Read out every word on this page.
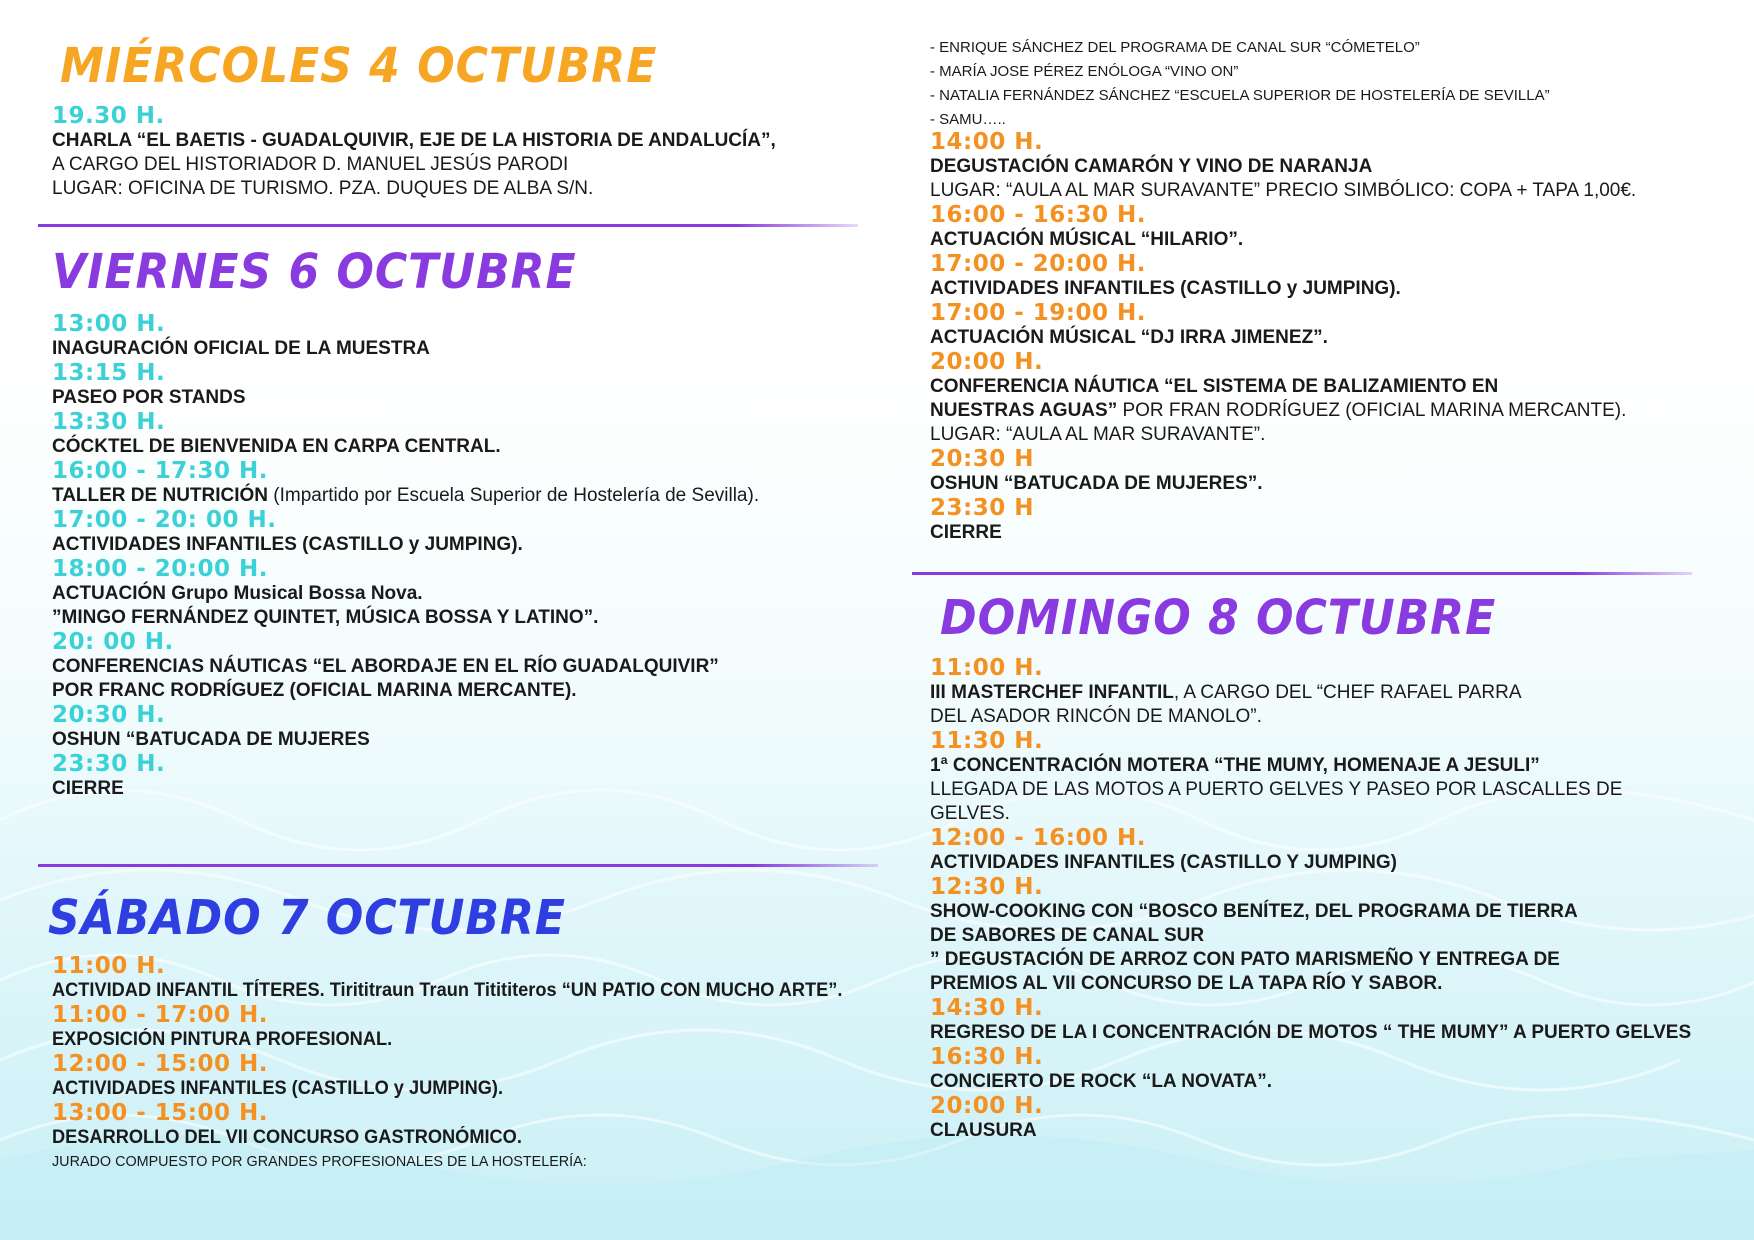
MIÉRCOLES 4 OCTUBRE
19.30 H.
CHARLA “EL BAETIS - GUADALQUIVIR, EJE DE LA HISTORIA DE ANDALUCÍA”,
A CARGO DEL HISTORIADOR D. MANUEL JESÚS PARODI
LUGAR: OFICINA DE TURISMO. PZA. DUQUES DE ALBA S/N.
VIERNES 6 OCTUBRE
13:00 H.
INAGURACIÓN OFICIAL DE LA MUESTRA
13:15 H.
PASEO POR STANDS
13:30 H.
CÓCKTEL DE BIENVENIDA EN CARPA CENTRAL.
16:00 - 17:30 H.
TALLER DE NUTRICIÓN (Impartido por Escuela Superior de Hostelería de Sevilla).
17:00 - 20: 00 H.
ACTIVIDADES INFANTILES (CASTILLO y JUMPING).
18:00 - 20:00 H.
ACTUACIÓN Grupo Musical Bossa Nova.
”MINGO FERNÁNDEZ QUINTET, MÚSICA BOSSA Y LATINO”.
20: 00 H.
CONFERENCIAS NÁUTICAS “EL ABORDAJE EN EL RÍO GUADALQUIVIR”
POR FRANC RODRÍGUEZ (OFICIAL MARINA MERCANTE).
20:30 H.
OSHUN “BATUCADA DE MUJERES
23:30 H.
CIERRE
SÁBADO 7 OCTUBRE
11:00 H.
ACTIVIDAD INFANTIL TÍTERES. Tirititraun Traun Titititeros “UN PATIO CON MUCHO ARTE”.
11:00 - 17:00 H.
EXPOSICIÓN PINTURA PROFESIONAL.
12:00 - 15:00 H.
ACTIVIDADES INFANTILES (CASTILLO y JUMPING).
13:00 - 15:00 H.
DESARROLLO DEL VII CONCURSO GASTRONÓMICO.
JURADO COMPUESTO POR GRANDES PROFESIONALES DE LA HOSTELERÍA:
- ENRIQUE SÁNCHEZ DEL PROGRAMA DE CANAL SUR “CÓMETELO”
- MARÍA JOSE PÉREZ ENÓLOGA “VINO ON”
- NATALIA FERNÁNDEZ SÁNCHEZ “ESCUELA SUPERIOR DE HOSTELERÍA DE SEVILLA”
- SAMU…..
14:00 H.
DEGUSTACIÓN CAMARÓN Y VINO DE NARANJA
LUGAR: “AULA AL MAR SURAVANTE” PRECIO SIMBÓLICO: COPA + TAPA 1,00€.
16:00 - 16:30 H.
ACTUACIÓN MÚSICAL “HILARIO”.
17:00 - 20:00 H.
ACTIVIDADES INFANTILES (CASTILLO y JUMPING).
17:00 - 19:00 H.
ACTUACIÓN MÚSICAL “DJ IRRA JIMENEZ”.
20:00 H.
CONFERENCIA NÁUTICA “EL SISTEMA DE BALIZAMIENTO EN
NUESTRAS AGUAS” POR FRAN RODRÍGUEZ (OFICIAL MARINA MERCANTE).
LUGAR: “AULA AL MAR SURAVANTE”.
20:30 H
OSHUN “BATUCADA DE MUJERES”.
23:30 H
CIERRE
DOMINGO 8 OCTUBRE
11:00 H.
III MASTERCHEF INFANTIL, A CARGO DEL “CHEF RAFAEL PARRA
DEL ASADOR RINCÓN DE MANOLO”.
11:30 H.
1ª CONCENTRACIÓN MOTERA “THE MUMY, HOMENAJE A JESULI”
LLEGADA DE LAS MOTOS A PUERTO GELVES Y PASEO POR LASCALLES DE
GELVES.
12:00 - 16:00 H.
ACTIVIDADES INFANTILES (CASTILLO Y JUMPING)
12:30 H.
SHOW-COOKING CON “BOSCO BENÍTEZ, DEL PROGRAMA DE TIERRA
DE SABORES DE CANAL SUR
” DEGUSTACIÓN DE ARROZ CON PATO MARISMEÑO Y ENTREGA DE
PREMIOS AL VII CONCURSO DE LA TAPA RÍO Y SABOR.
14:30 H.
REGRESO DE LA I CONCENTRACIÓN DE MOTOS “ THE MUMY” A PUERTO GELVES
16:30 H.
CONCIERTO DE ROCK “LA NOVATA”.
20:00 H.
CLAUSURA
